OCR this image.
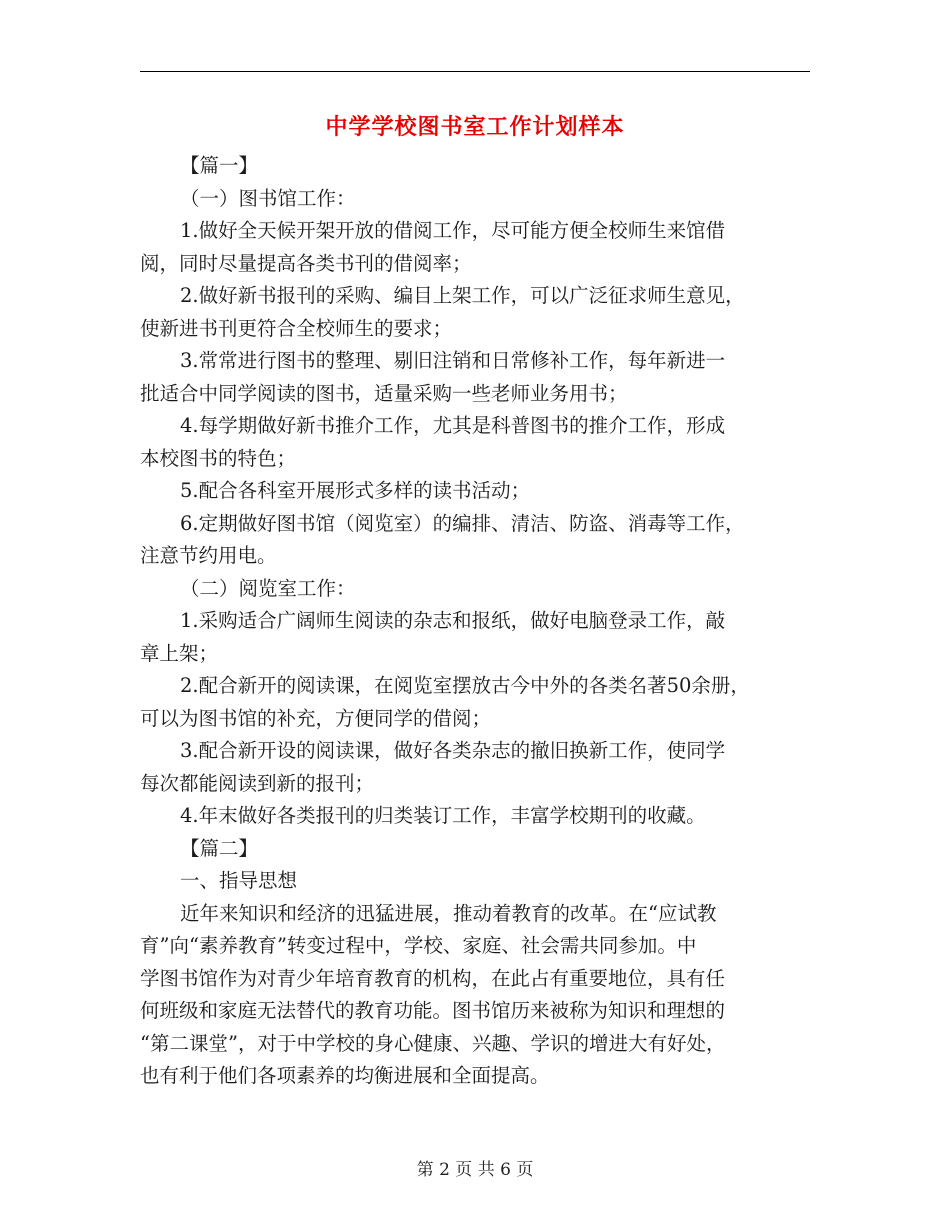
中学学校图书室工作计划样本
【篇一】
（一）图书馆工作：
1.做好全天候开架开放的借阅工作，尽可能方便全校师生来馆借
阅，同时尽量提高各类书刊的借阅率；
2.做好新书报刊的采购、编目上架工作，可以广泛征求师生意见，
使新进书刊更符合全校师生的要求；
3.常常进行图书的整理、剔旧注销和日常修补工作，每年新进一
批适合中同学阅读的图书，适量采购一些老师业务用书；
4.每学期做好新书推介工作，尤其是科普图书的推介工作，形成
本校图书的特色；
5.配合各科室开展形式多样的读书活动；
6.定期做好图书馆（阅览室）的编排、清洁、防盗、消毒等工作，
注意节约用电。
（二）阅览室工作：
1.采购适合广阔师生阅读的杂志和报纸，做好电脑登录工作，敲
章上架；
2.配合新开的阅读课，在阅览室摆放古今中外的各类名著50余册，
可以为图书馆的补充，方便同学的借阅；
3.配合新开设的阅读课，做好各类杂志的撤旧换新工作，使同学
每次都能阅读到新的报刊；
4.年末做好各类报刊的归类装订工作，丰富学校期刊的收藏。
【篇二】
一、指导思想
近年来知识和经济的迅猛进展，推动着教育的改革。在“应试教
育”向“素养教育”转变过程中，学校、家庭、社会需共同参加。中
学图书馆作为对青少年培育教育的机构，在此占有重要地位，具有任
何班级和家庭无法替代的教育功能。图书馆历来被称为知识和理想的
“第二课堂”，对于中学校的身心健康、兴趣、学识的增进大有好处，
也有利于他们各项素养的均衡进展和全面提高。
第 2 页 共 6 页
